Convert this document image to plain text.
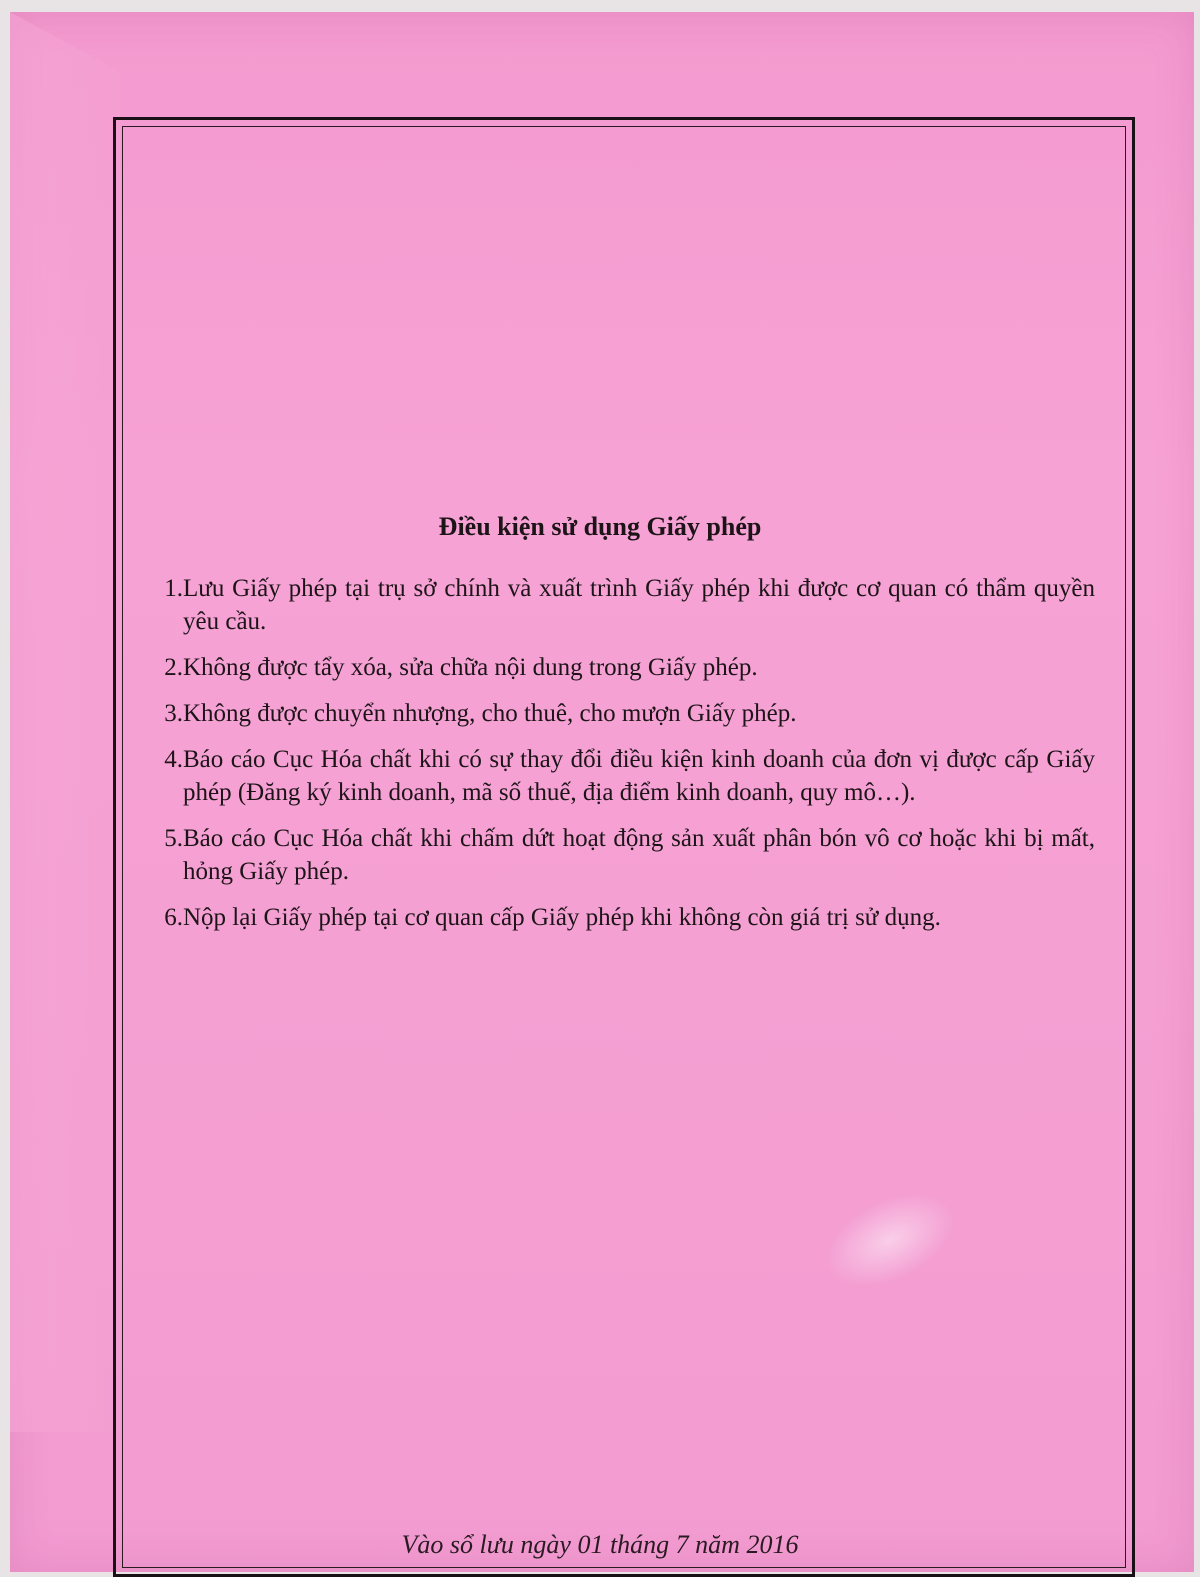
Điều kiện sử dụng Giấy phép
1. Lưu Giấy phép tại trụ sở chính và xuất trình Giấy phép khi được cơ quan có thẩm quyền yêu cầu.
2. Không được tẩy xóa, sửa chữa nội dung trong Giấy phép.
3. Không được chuyển nhượng, cho thuê, cho mượn Giấy phép.
4. Báo cáo Cục Hóa chất khi có sự thay đổi điều kiện kinh doanh của đơn vị được cấp Giấy phép (Đăng ký kinh doanh, mã số thuế, địa điểm kinh doanh, quy mô…).
5. Báo cáo Cục Hóa chất khi chấm dứt hoạt động sản xuất phân bón vô cơ hoặc khi bị mất, hỏng Giấy phép.
6. Nộp lại Giấy phép tại cơ quan cấp Giấy phép khi không còn giá trị sử dụng.

Vào sổ lưu ngày 01 tháng 7 năm 2016
